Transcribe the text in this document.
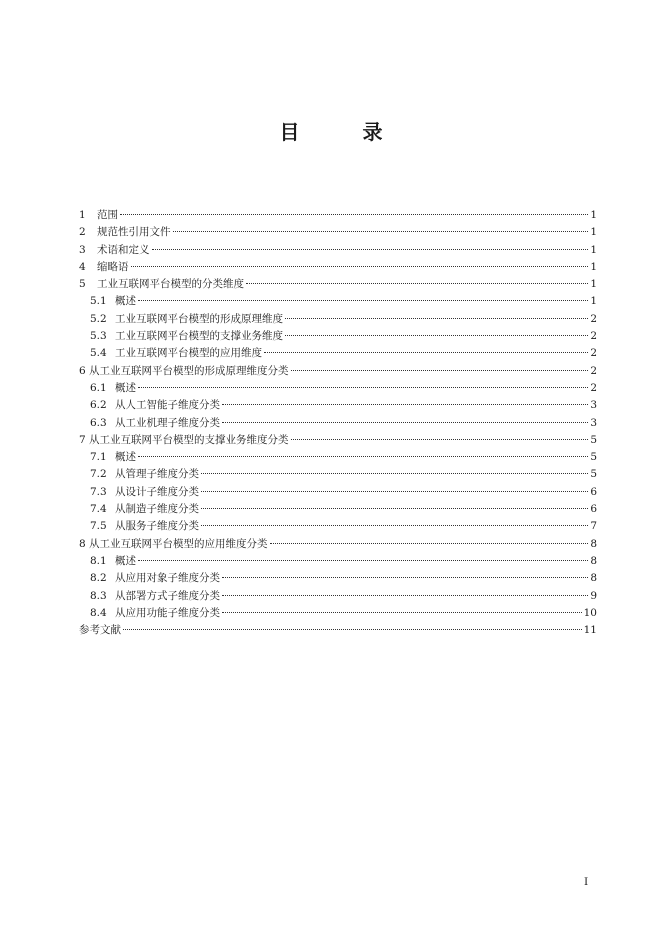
目 录
1	范围	1
2	规范性引用文件	1
3	术语和定义	1
4	缩略语	1
5	工业互联网平台模型的分类维度	1
5.1 概述	1
5.2 工业互联网平台模型的形成原理维度	2
5.3 工业互联网平台模型的支撑业务维度	2
5.4 工业互联网平台模型的应用维度	2
6 从工业互联网平台模型的形成原理维度分类	2
6.1 概述	2
6.2 从人工智能子维度分类	3
6.3 从工业机理子维度分类	3
7 从工业互联网平台模型的支撑业务维度分类	5
7.1 概述	5
7.2 从管理子维度分类	5
7.3 从设计子维度分类	6
7.4 从制造子维度分类	6
7.5 从服务子维度分类	7
8 从工业互联网平台模型的应用维度分类	8
8.1 概述	8
8.2 从应用对象子维度分类	8
8.3 从部署方式子维度分类	9
8.4 从应用功能子维度分类	10
参考文献	11
I
